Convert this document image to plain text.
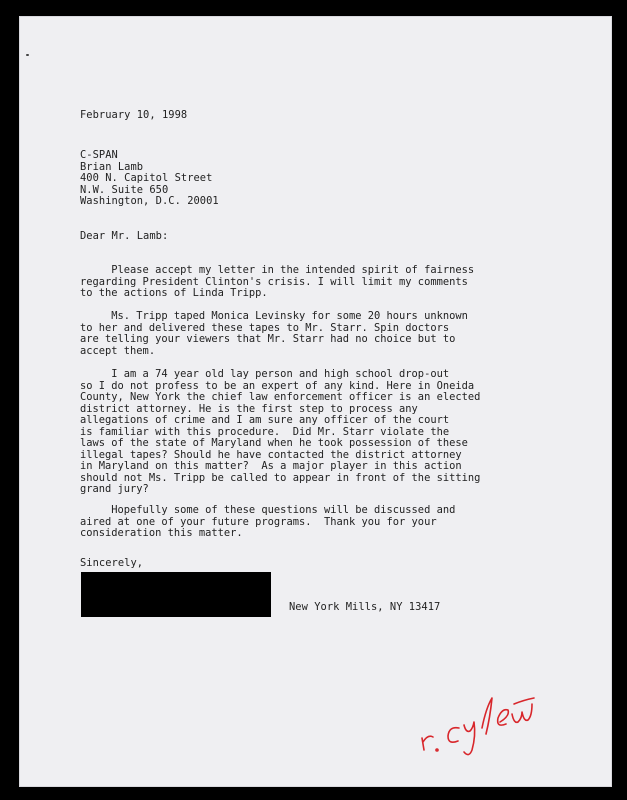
February 10, 1998
C-SPAN
Brian Lamb
400 N. Capitol Street
N.W. Suite 650
Washington, D.C. 20001
Dear Mr. Lamb:
Please accept my letter in the intended spirit of fairness
regarding President Clinton's crisis. I will limit my comments
to the actions of Linda Tripp.
Ms. Tripp taped Monica Levinsky for some 20 hours unknown
to her and delivered these tapes to Mr. Starr. Spin doctors
are telling your viewers that Mr. Starr had no choice but to
accept them.
I am a 74 year old lay person and high school drop-out
so I do not profess to be an expert of any kind. Here in Oneida
County, New York the chief law enforcement officer is an elected
district attorney. He is the first step to process any
allegations of crime and I am sure any officer of the court
is familiar with this procedure.  Did Mr. Starr violate the
laws of the state of Maryland when he took possession of these
illegal tapes? Should he have contacted the district attorney
in Maryland on this matter?  As a major player in this action
should not Ms. Tripp be called to appear in front of the sitting
grand jury?
Hopefully some of these questions will be discussed and
aired at one of your future programs.  Thank you for your
consideration this matter.
Sincerely,
New York Mills, NY 13417
